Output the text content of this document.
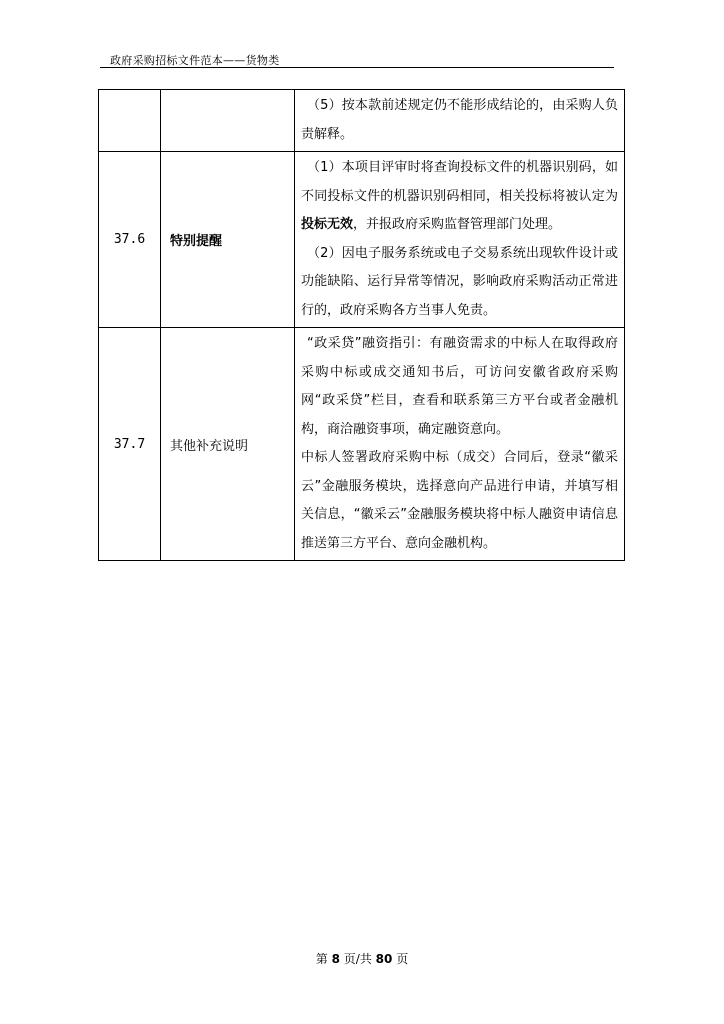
政府采购招标文件范本——货物类

		（5）按本款前述规定仍不能形成结论的，由采购人负责解释。

37.6	特别提醒	（1）本项目评审时将查询投标文件的机器识别码，如不同投标文件的机器识别码相同，相关投标将被认定为投标无效，并报政府采购监督管理部门处理。
（2）因电子服务系统或电子交易系统出现软件设计或功能缺陷、运行异常等情况，影响政府采购活动正常进行的，政府采购各方当事人免责。

37.7	其他补充说明	“政采贷”融资指引：有融资需求的中标人在取得政府采购中标或成交通知书后，可访问安徽省政府采购网“政采贷”栏目，查看和联系第三方平台或者金融机构，商洽融资事项，确定融资意向。
中标人签署政府采购中标（成交）合同后，登录“徽采云”金融服务模块，选择意向产品进行申请，并填写相关信息，“徽采云”金融服务模块将中标人融资申请信息推送第三方平台、意向金融机构。
第 8 页/共 80 页
